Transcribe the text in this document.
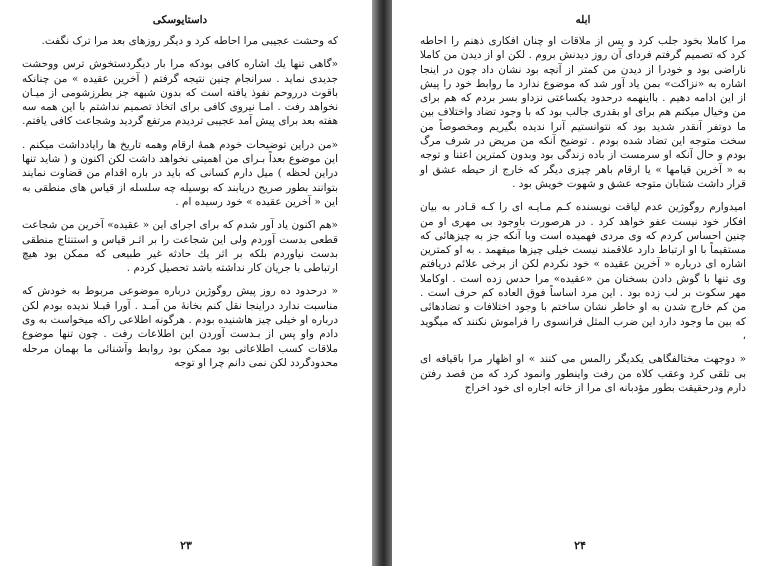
داستایوسکی

که وحشت عجیبی مرا احاطه کرد و دیگر روزهای بعد مرا ترک نگفت.

«گاهی تنها یك اشاره کافی بودکه مرا بار دیگردستخوش ترس ووحشت جدیدی نماید . سرانجام چنین نتیجه گرفتم ( آخرین عقیده » من چنانکه باقوت درروحم نفوذ یافته است که بدون شبهه جز بطرزشومی از میـان نخواهد رفت . امـا نیروی کافی برای اتخاذ تصمیم نداشتم با این همه سه هفته بعد برای پیش آمد عجیبی تردیدم مرتفع گردید وشجاعت کافی یافتم.

«من دراین توضیحات خودم همهٔ ارقام وهمه تاریخ ها رایادداشت میکنم . این موضوع بعداً بـرای من اهمیتی نخواهد داشت لکن اکنون و ( شاید تنها دراین لحظه ) میل دارم کسانی که باید در باره اقدام من قضاوت نمایند بتوانند بطور صریح دریابند که بوسیله چه سلسله از قیاس های منطقی به این « آخرین عقیده » خود رسیده ام .

«هم اکنون یاد آور شدم که برای اجرای این « عقیده» آخرین من شجاعت قطعی بدست آوردم ولی این شجاعت را بر اثـر قیاس و استنتاج منطقی بدست نیاوردم بلکه بر اثر یك حادثه غیر طبیعی که ممکن بود هیچ ارتباطی با جریان کار نداشته باشد تحصیل کردم .

« درحدود ده روز پیش روگوژین درباره موضوعی مربوط به خودش که مناسبت ندارد دراینجا نقل کنم بخانهٔ من آمـد . آورا قبـلا ندیده بودم لکن درباره او خیلی چیز هاشنیده بودم . هرگونه اطلاعی راکه میخواست به وی دادم واو پس از بـدست آوردن این اطلاعات رفت . چون تنها موضوع ملاقات کسب اطلاعاتی بود ممکن بود روابط وآشنائی ما بهمان مرحله محدودگردد لکن نمی دانم چرا او توجه

۲۳
ابله

مرا کاملا بخود جلب کرد و پس از ملاقات او چنان افکاری ذهنم را احاطه کرد که تصمیم گرفتم فردای آن روز دیدنش بروم . لکن او از دیدن من کاملا ناراضی بود و خودرا از دیدن من کمتر از آنچه بود نشان داد چون در اینجا اشاره به «نزاکت» بمن یاد آور شد که موضوع ندارد ما روابط خود را پیش از این ادامه دهیم . بااینهمه درحدود یکساعتی نزداو بسر بردم که هم برای من وخیال میکنم هم برای او بقدری جالب بود که با وجود تضاد واختلاف بین ما دوتفر آنقدر شدید بود که نتوانستیم آنرا ندیده بگیریم ومخصوصاً من سخت متوجه این تضاد شده بودم . توضیح آنکه من مریض در شرف مرگ بودم و حال آنکه او سرمست از باده زندگی بود وبدون کمترین اعتنا و توجه به « آخرین قیامها » یا ارقام باهر چیزی دیگر که خارج از حیطه عشق او قرار داشت شتابان متوجه عشق و شهوت خویش بود .

امیدوارم روگوژین عدم لیاقت نویسنده کـم مـایـه ای را کـه قـادر به بیان افکار خود نیست عفو خواهد کرد . در هرصورت باوجود بی مهری او من چنین احساس کردم که وی مردی فهمیده است وبا آنکه جز به چیزهائی که مستقیماً با او ارتباط دارد علاقمند نیست خیلی چیزها میفهمد . به او کمترین اشاره ای درباره « آخرین عقیده » خود نکردم لکن از برخی علائم دریافتم وی تنها با گوش دادن بسخنان من «عقیده» مرا حدس زده است . اوکاملا مهر سکوت بر لب زده بود . این مرد اساساً فوق العاده کم حرف است . من کم خارج شدن به او خاطر نشان ساختم با وجود اختلافات و تضادهائی که بین ما وجود دارد این ضرب المثل فرانسوی را فراموش نکنند که میگوید ،

« دوجهت مختالفگاهی یکدیگر رالمس می کنند » او اظهار مرا باقیافه ای بی تلقی کرد وعقب کلاه من رفت واینطور وانمود کرد که من قصد رفتن دارم ودرحقیقت بطور مؤدبانه ای مرا از خانه اجاره ای خود اخراج

۲۴
